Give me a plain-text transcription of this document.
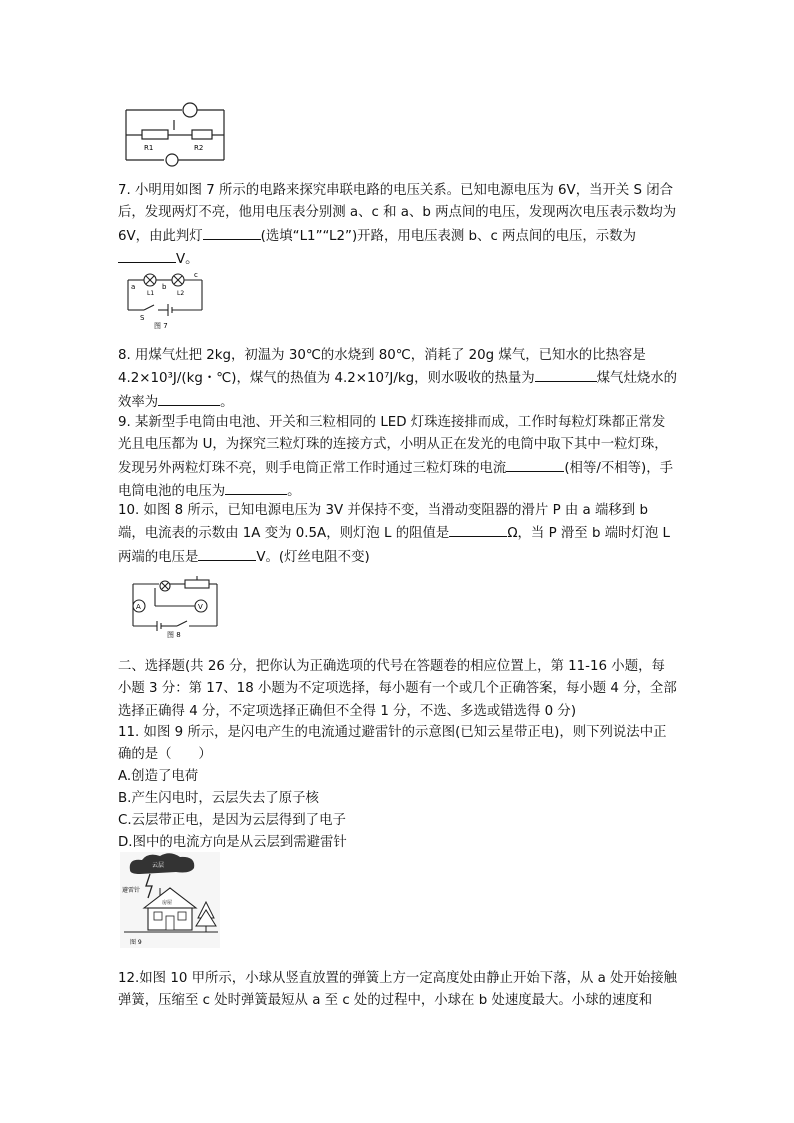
R1	R2
7. 小明用如图 7 所示的电路来探究串联电路的电压关系。已知电源电压为 6V，当开关 S 闭合后，发现两灯不亮，他用电压表分别测 a、c 和 a、b 两点间的电压，发现两次电压表示数均为 6V，由此判灯	(选填“L1”“L2”)开路，用电压表测 b、c 两点间的电压，示数为V。
a	b
c
L1	L2
S
图 7
8. 用煤气灶把 2kg，初温为 30℃的水烧到 80℃，消耗了 20g 煤气，已知水的比热容是 4.2×10³J/(kg・℃)，煤气的热值为 4.2×10⁷J/kg，则水吸收的热量为	煤气灶烧水的效率为	。
9. 某新型手电筒由电池、开关和三粒相同的 LED 灯珠连接排而成，工作时每粒灯珠都正常发光且电压都为 U，为探究三粒灯珠的连接方式，小明从正在发光的电筒中取下其中一粒灯珠，发现另外两粒灯珠不亮，则手电筒正常工作时通过三粒灯珠的电流	(相等/不相等)，手电筒电池的电压为	。
10. 如图 8 所示，已知电源电压为 3V 并保持不变，当滑动变阻器的滑片 P 由 a 端移到 b 端，电流表的示数由 1A 变为 0.5A，则灯泡 L 的阻值是	Ω，当 P 滑至 b 端时灯泡 L 两端的电压是	V。(灯丝电阻不变)
A	V
图 8
二、选择题(共 26 分，把你认为正确选项的代号在答题卷的相应位置上，第 11-16 小题，每小题 3 分：第 17、18 小题为不定项选择，每小题有一个或几个正确答案，每小题 4 分，全部选择正确得 4 分，不定项选择正确但不全得 1 分，不选、多选或错选得 0 分)
11. 如图 9 所示，是闪电产生的电流通过避雷针的示意图(已知云星带正电)，则下列说法中正确的是（　　）
A.创造了电荷
B.产生闪电时，云层失去了原子核
C.云层带正电，是因为云层得到了电子
D.图中的电流方向是从云层到需避雷针
云层
避雷针
房屋
图 9
12.如图 10 甲所示，小球从竖直放置的弹簧上方一定高度处由静止开始下落，从 a 处开始接触弹簧，压缩至 c 处时弹簧最短从 a 至 c 处的过程中，小球在 b 处速度最大。小球的速度和
